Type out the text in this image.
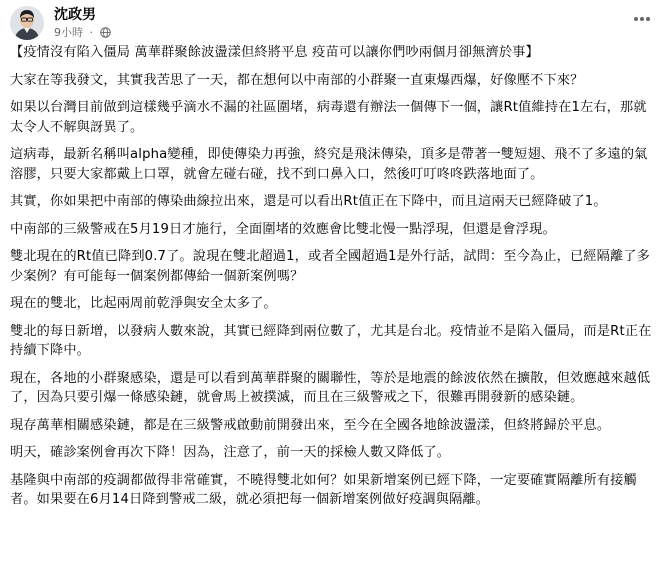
沈政男
9小時 ·

【疫情沒有陷入僵局 萬華群聚餘波盪漾但終將平息 疫苗可以讓你們吵兩個月卻無濟於事】

大家在等我發文，其實我苦思了一天，都在想何以中南部的小群聚一直東爆西爆，好像壓不下來？

如果以台灣目前做到這樣幾乎滴水不漏的社區圍堵，病毒還有辦法一個傳下一個，讓Rt值維持在1左右，那就太令人不解與訝異了。

這病毒，最新名稱叫alpha變種，即使傳染力再強，終究是飛沫傳染，頂多是帶著一雙短翅、飛不了多遠的氣溶膠，只要大家都戴上口罩，就會左碰右碰，找不到口鼻入口，然後叮叮咚咚跌落地面了。

其實，你如果把中南部的傳染曲線拉出來，還是可以看出Rt值正在下降中，而且這兩天已經降破了1。

中南部的三級警戒在5月19日才施行，全面圍堵的效應會比雙北慢一點浮現，但還是會浮現。

雙北現在的Rt值已降到0.7了。說現在雙北超過1，或者全國超過1是外行話，試問：至今為止，已經隔離了多少案例？有可能每一個案例都傳給一個新案例嗎？

現在的雙北，比起兩周前乾淨與安全太多了。

雙北的每日新增，以發病人數來說，其實已經降到兩位數了，尤其是台北。疫情並不是陷入僵局，而是Rt正在持續下降中。

現在，各地的小群聚感染，還是可以看到萬華群聚的關聯性，等於是地震的餘波依然在擴散，但效應越來越低了，因為只要引爆一條感染鏈，就會馬上被撲滅，而且在三級警戒之下，很難再開發新的感染鏈。

現存萬華相關感染鏈，都是在三級警戒啟動前開發出來，至今在全國各地餘波盪漾，但終將歸於平息。

明天，確診案例會再次下降！因為，注意了，前一天的採檢人數又降低了。

基隆與中南部的疫調都做得非常確實，不曉得雙北如何？如果新增案例已經下降，一定要確實隔離所有接觸者。如果要在6月14日降到警戒二級，就必須把每一個新增案例做好疫調與隔離。
